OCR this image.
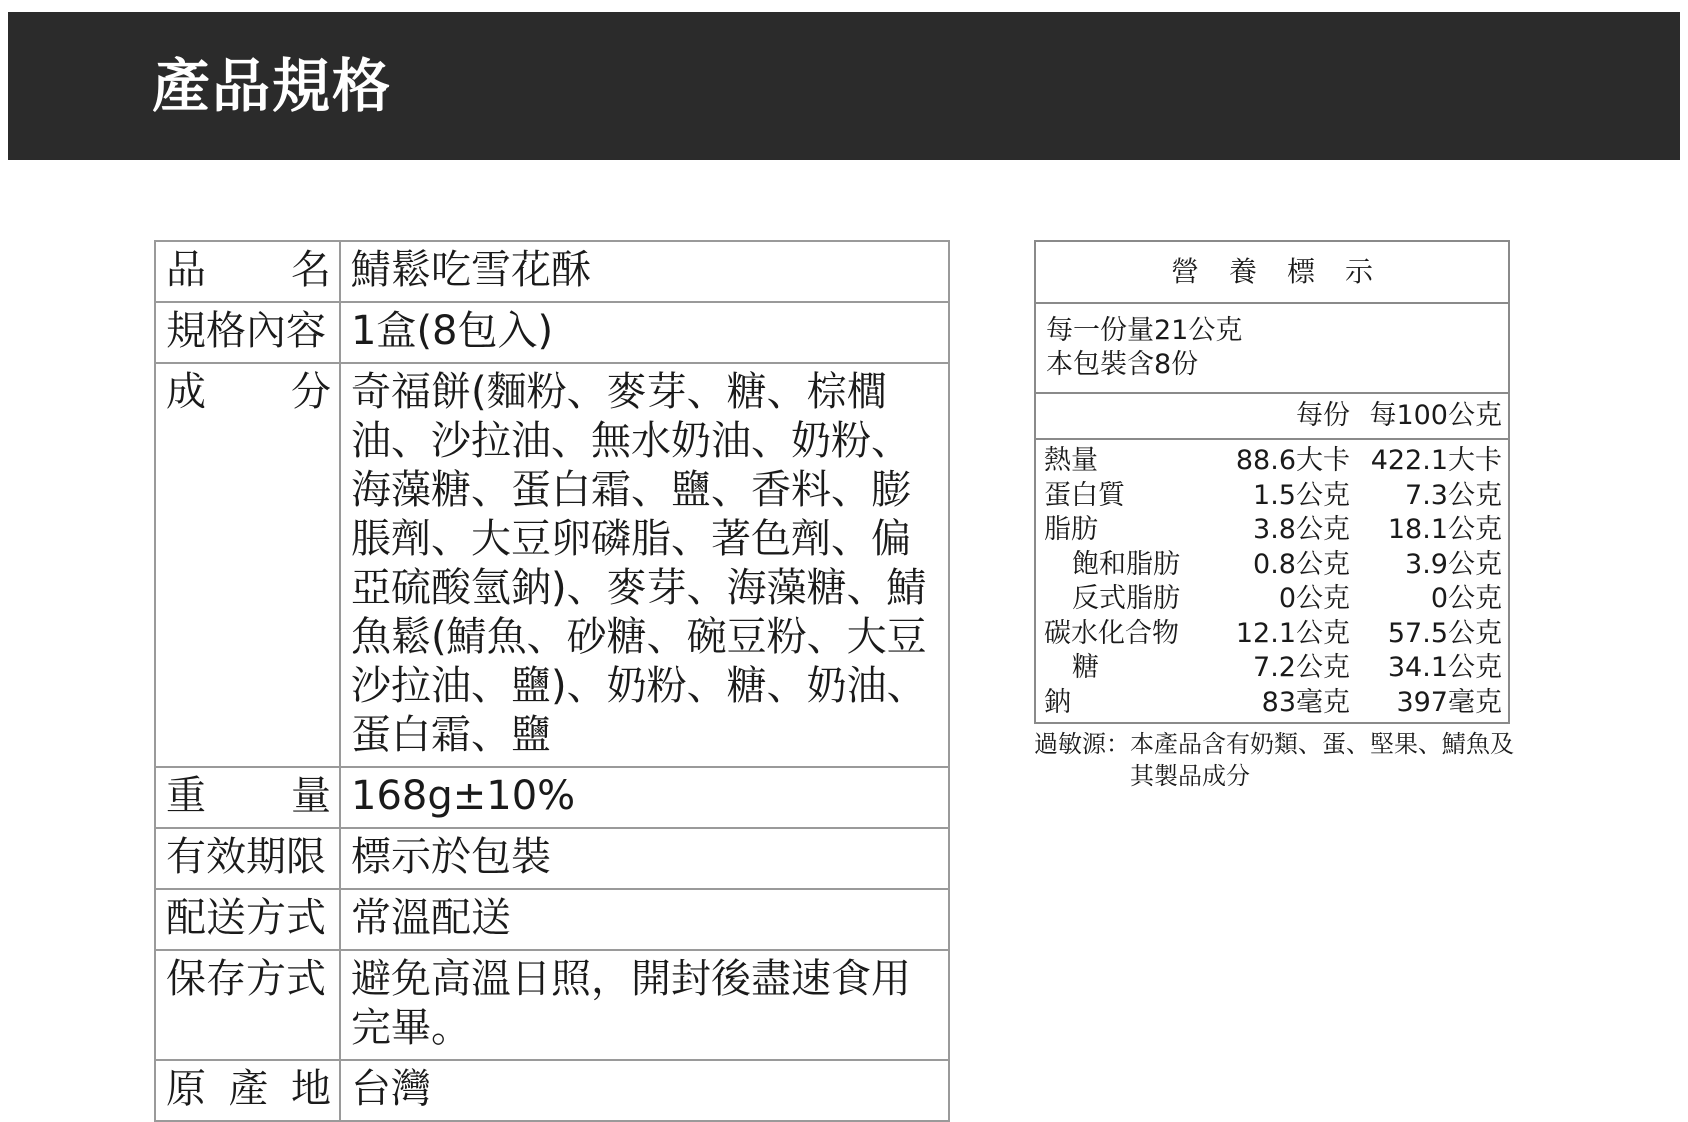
產品規格
品 名	鯖鬆吃雪花酥

規格內容	1盒(8包入)

成 分	奇福餅(麵粉、麥芽、糖、棕櫚油、沙拉油、無水奶油、奶粉、海藻糖、蛋白霜、鹽、香料、膨脹劑、大豆卵磷脂、著色劑、偏亞硫酸氫鈉)、麥芽、海藻糖、鯖魚鬆(鯖魚、砂糖、碗豆粉、大豆沙拉油、鹽)、奶粉、糖、奶油、蛋白霜、鹽

重 量	168g±10%

有效期限	標示於包裝

配送方式	常溫配送

保存方式	避免高溫日照，開封後盡速食用完畢。

原 產 地	台灣
營養標示
每一份量21公克
本包裝含8份
每份 每100公克
熱量	88.6大卡 422.1大卡
蛋白質	1.5公克	7.3公克
脂肪	3.8公克	18.1公克
飽和脂肪	0.8公克	3.9公克
反式脂肪	0公克	0公克
碳水化合物	12.1公克	57.5公克
糖	7.2公克	34.1公克
鈉	83毫克	397毫克
過敏源： 本產品含有奶類、蛋、堅果、鯖魚及其製品成分
